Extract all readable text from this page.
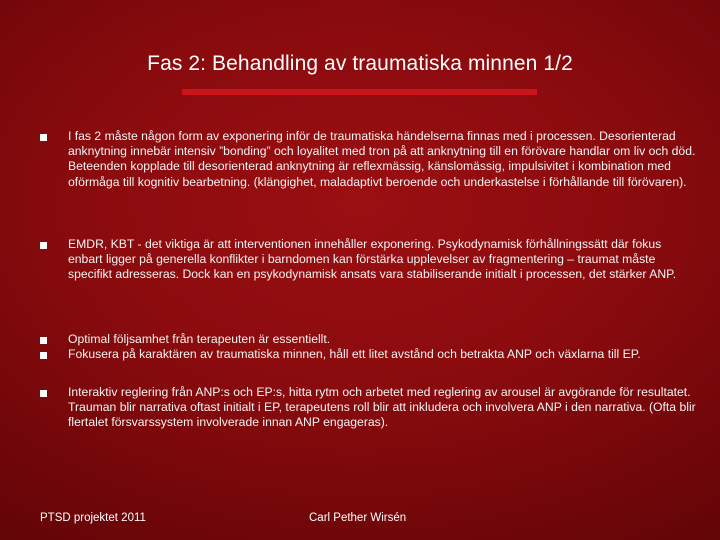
Fas 2: Behandling av traumatiska minnen 1/2
I fas 2 måste någon form av exponering inför de traumatiska händelserna finnas med i processen. Desorienterad anknytning innebär intensiv ”bonding” och loyalitet med tron på att anknytning till en förövare handlar om liv och död. Beteenden kopplade till desorienterad anknytning är reflexmässig, känslomässig, impulsivitet i kombination med oförmåga till kognitiv bearbetning. (klängighet, maladaptivt beroende och underkastelse i förhållande till förövaren).
EMDR, KBT - det viktiga är att interventionen innehåller exponering. Psykodynamisk förhållningssätt där fokus enbart ligger på generella konflikter i barndomen kan förstärka upplevelser av fragmentering – traumat måste specifikt adresseras. Dock kan en psykodynamisk ansats vara stabiliserande initialt i processen, det stärker ANP.
Optimal följsamhet från terapeuten är essentiellt.
Fokusera på karaktären av traumatiska minnen, håll ett litet avstånd och betrakta ANP och växlarna till EP.
Interaktiv reglering från ANP:s och EP:s, hitta rytm och arbetet med reglering av arousel är avgörande för resultatet. Trauman blir narrativa oftast initialt i EP, terapeutens roll blir att inkludera och involvera ANP i den narrativa. (Ofta blir flertalet försvarssystem involverade innan ANP engageras).
PTSD projektet 2011	Carl Pether Wirsén
